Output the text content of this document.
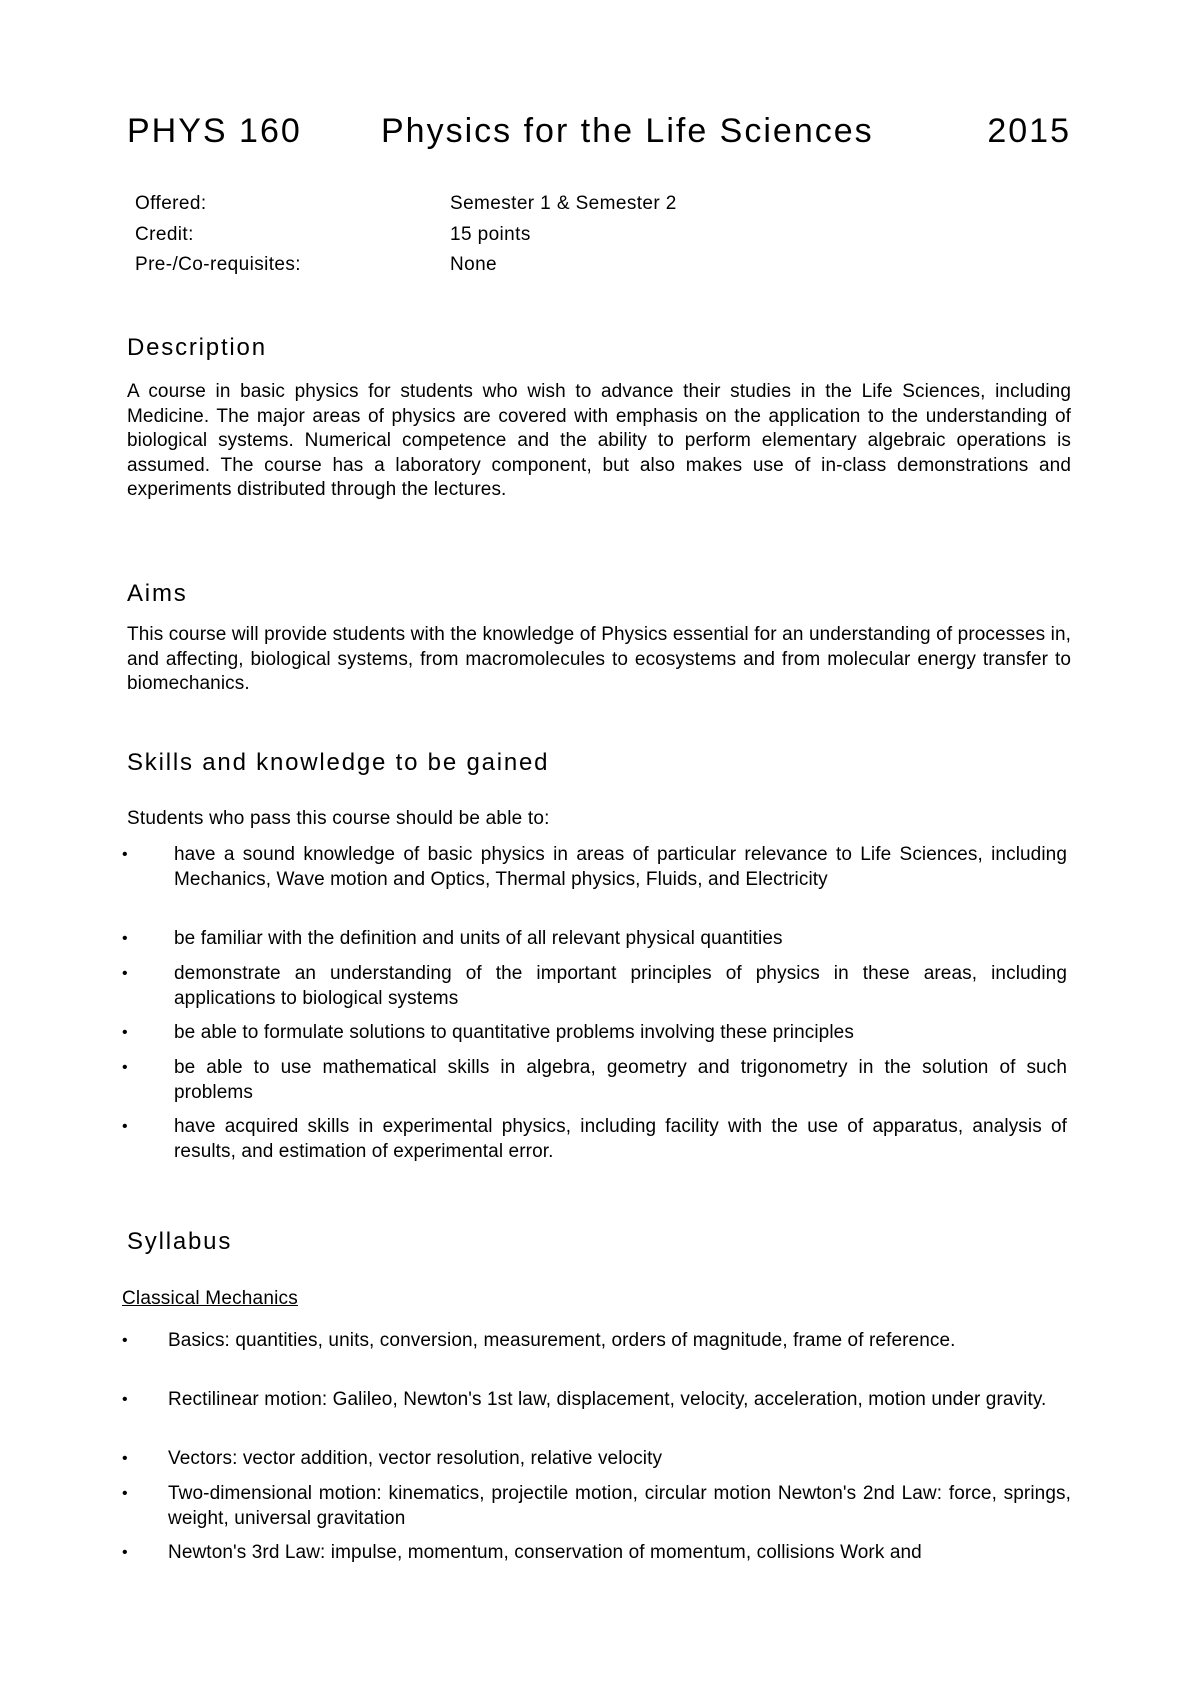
PHYS 160 Physics for the Life Sciences	2015
Offered:	Semester 1 & Semester 2
Credit:	15 points
Pre-/Co-requisites:	None
Description
A course in basic physics for students who wish to advance their studies in the Life Sciences, including Medicine. The major areas of physics are covered with emphasis on the application to the understanding of biological systems. Numerical competence and the ability to perform elementary algebraic operations is assumed. The course has a laboratory component, but also makes use of in-class demonstrations and experiments distributed through the lectures.
Aims
This course will provide students with the knowledge of Physics essential for an understanding of processes in, and affecting, biological systems, from macromolecules to ecosystems and from molecular energy transfer to biomechanics.
Skills and knowledge to be gained
Students who pass this course should be able to:
• have a sound knowledge of basic physics in areas of particular relevance to Life Sciences, including Mechanics, Wave motion and Optics, Thermal physics, Fluids, and Electricity
• be familiar with the definition and units of all relevant physical quantities
• demonstrate an understanding of the important principles of physics in these areas, including applications to biological systems
• be able to formulate solutions to quantitative problems involving these principles
• be able to use mathematical skills in algebra, geometry and trigonometry in the solution of such problems
• have acquired skills in experimental physics, including facility with the use of apparatus, analysis of results, and estimation of experimental error.
Syllabus
Classical Mechanics
• Basics: quantities, units, conversion, measurement, orders of magnitude, frame of reference.
• Rectilinear motion: Galileo, Newton's 1st law, displacement, velocity, acceleration, motion under gravity.
• Vectors: vector addition, vector resolution, relative velocity
• Two-dimensional motion: kinematics, projectile motion, circular motion Newton's 2nd Law: force, springs, weight, universal gravitation
• Newton's 3rd Law: impulse, momentum, conservation of momentum, collisions Work and
